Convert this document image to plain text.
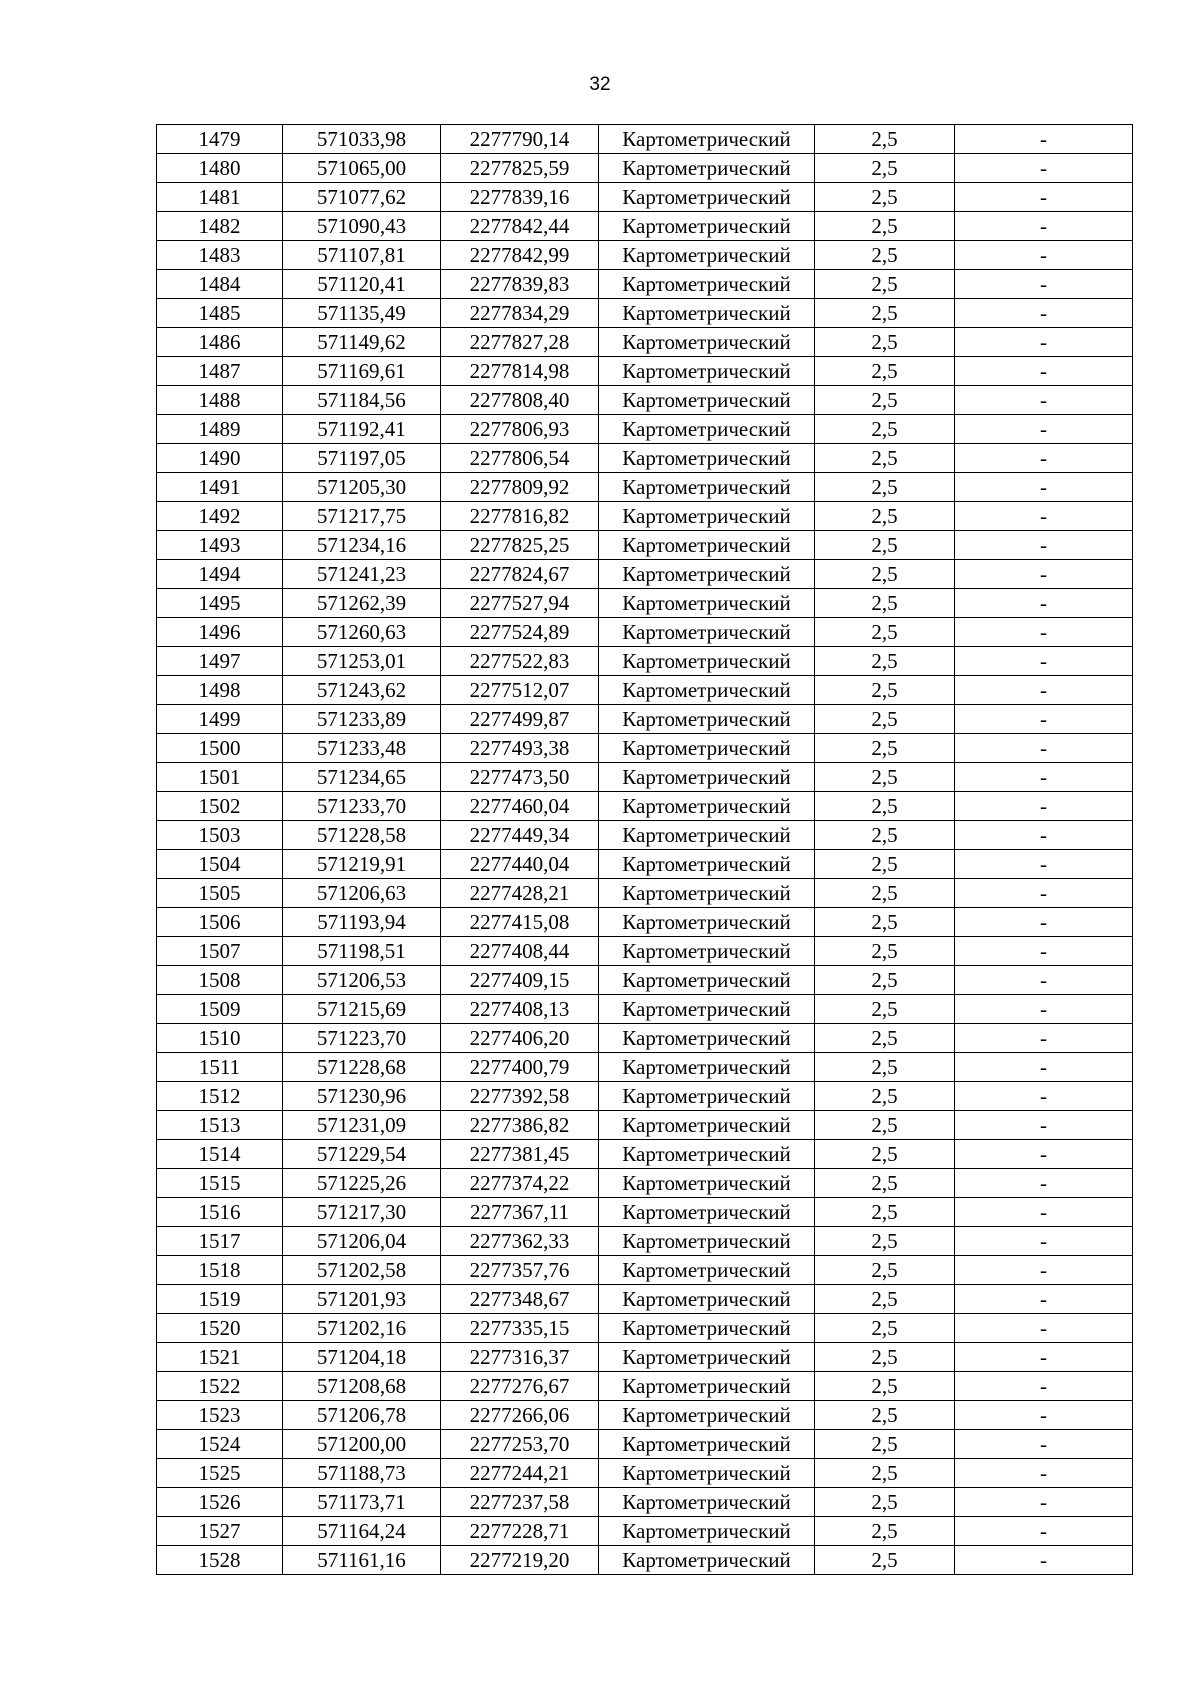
32
1479	571033,98	2277790,14	Картометрический	2,5	-
1480	571065,00	2277825,59	Картометрический	2,5	-
1481	571077,62	2277839,16	Картометрический	2,5	-
1482	571090,43	2277842,44	Картометрический	2,5	-
1483	571107,81	2277842,99	Картометрический	2,5	-
1484	571120,41	2277839,83	Картометрический	2,5	-
1485	571135,49	2277834,29	Картометрический	2,5	-
1486	571149,62	2277827,28	Картометрический	2,5	-
1487	571169,61	2277814,98	Картометрический	2,5	-
1488	571184,56	2277808,40	Картометрический	2,5	-
1489	571192,41	2277806,93	Картометрический	2,5	-
1490	571197,05	2277806,54	Картометрический	2,5	-
1491	571205,30	2277809,92	Картометрический	2,5	-
1492	571217,75	2277816,82	Картометрический	2,5	-
1493	571234,16	2277825,25	Картометрический	2,5	-
1494	571241,23	2277824,67	Картометрический	2,5	-
1495	571262,39	2277527,94	Картометрический	2,5	-
1496	571260,63	2277524,89	Картометрический	2,5	-
1497	571253,01	2277522,83	Картометрический	2,5	-
1498	571243,62	2277512,07	Картометрический	2,5	-
1499	571233,89	2277499,87	Картометрический	2,5	-
1500	571233,48	2277493,38	Картометрический	2,5	-
1501	571234,65	2277473,50	Картометрический	2,5	-
1502	571233,70	2277460,04	Картометрический	2,5	-
1503	571228,58	2277449,34	Картометрический	2,5	-
1504	571219,91	2277440,04	Картометрический	2,5	-
1505	571206,63	2277428,21	Картометрический	2,5	-
1506	571193,94	2277415,08	Картометрический	2,5	-
1507	571198,51	2277408,44	Картометрический	2,5	-
1508	571206,53	2277409,15	Картометрический	2,5	-
1509	571215,69	2277408,13	Картометрический	2,5	-
1510	571223,70	2277406,20	Картометрический	2,5	-
1511	571228,68	2277400,79	Картометрический	2,5	-
1512	571230,96	2277392,58	Картометрический	2,5	-
1513	571231,09	2277386,82	Картометрический	2,5	-
1514	571229,54	2277381,45	Картометрический	2,5	-
1515	571225,26	2277374,22	Картометрический	2,5	-
1516	571217,30	2277367,11	Картометрический	2,5	-
1517	571206,04	2277362,33	Картометрический	2,5	-
1518	571202,58	2277357,76	Картометрический	2,5	-
1519	571201,93	2277348,67	Картометрический	2,5	-
1520	571202,16	2277335,15	Картометрический	2,5	-
1521	571204,18	2277316,37	Картометрический	2,5	-
1522	571208,68	2277276,67	Картометрический	2,5	-
1523	571206,78	2277266,06	Картометрический	2,5	-
1524	571200,00	2277253,70	Картометрический	2,5	-
1525	571188,73	2277244,21	Картометрический	2,5	-
1526	571173,71	2277237,58	Картометрический	2,5	-
1527	571164,24	2277228,71	Картометрический	2,5	-
1528	571161,16	2277219,20	Картометрический	2,5	-
